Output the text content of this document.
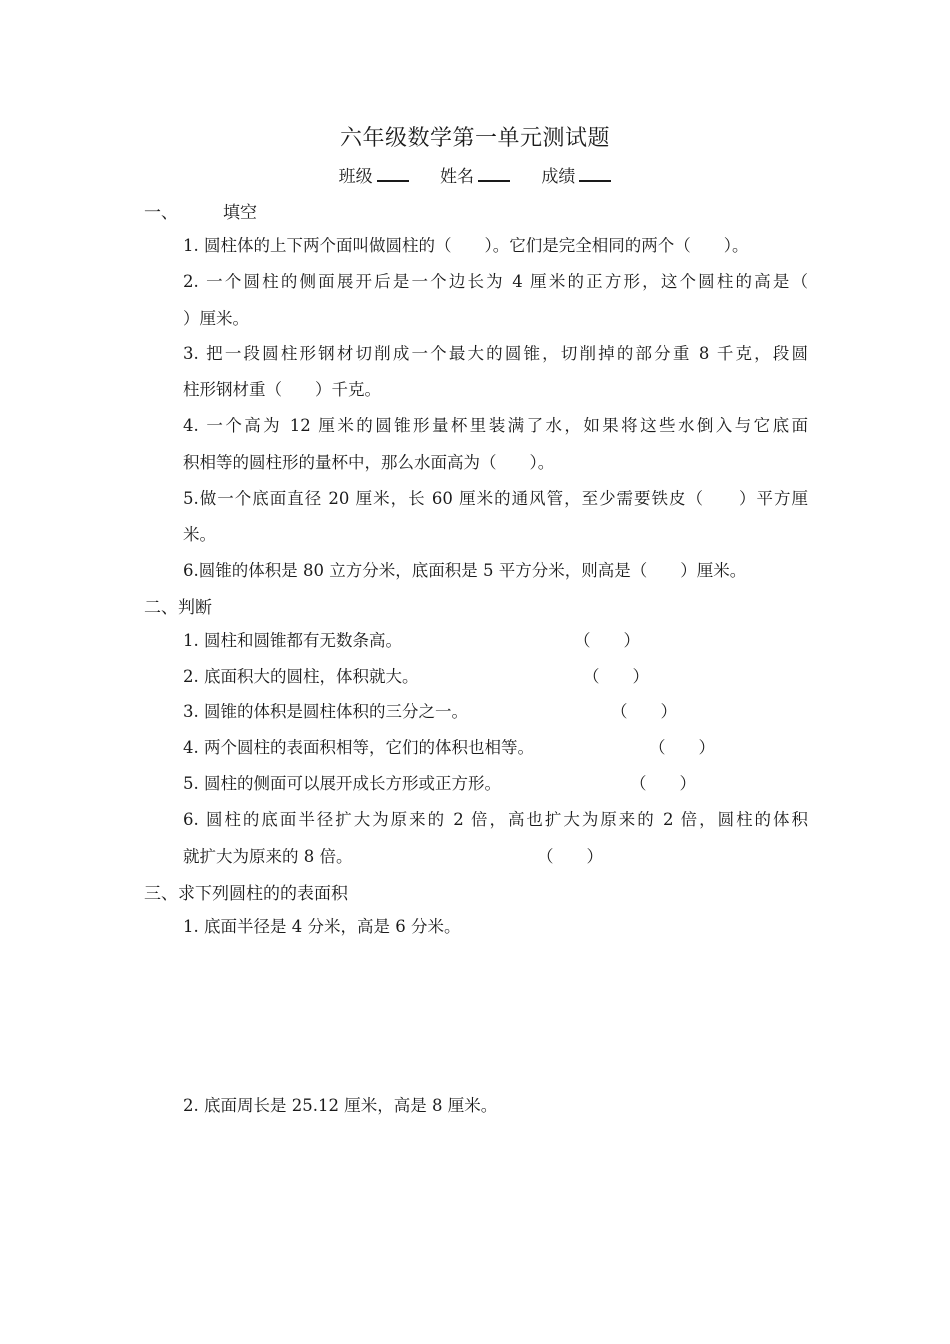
六年级数学第一单元测试题
班级	姓名	成绩
一、	填空
1. 圆柱体的上下两个面叫做圆柱的（　　）。它们是完全相同的两个（　　）。
2. 一个圆柱的侧面展开后是一个边长为 4 厘米的正方形，这个圆柱的高是（
）厘米。
3. 把一段圆柱形钢材切削成一个最大的圆锥，切削掉的部分重 8 千克，段圆
柱形钢材重（　　）千克。
4. 一个高为 12 厘米的圆锥形量杯里装满了水，如果将这些水倒入与它底面
积相等的圆柱形的量杯中，那么水面高为（　　）。
5.做一个底面直径 20 厘米，长 60 厘米的通风管，至少需要铁皮（　　）平方厘
米。
6.圆锥的体积是 80 立方分米，底面积是 5 平方分米，则高是（　　）厘米。
二、判断
1. 圆柱和圆锥都有无数条高。	（　　）
2. 底面积大的圆柱，体积就大。	（　　）
3. 圆锥的体积是圆柱体积的三分之一。	（　　）
4. 两个圆柱的表面积相等，它们的体积也相等。	（　　）
5. 圆柱的侧面可以展开成长方形或正方形。	（　　）
6. 圆柱的底面半径扩大为原来的 2 倍，高也扩大为原来的 2 倍，圆柱的体积
就扩大为原来的 8 倍。	（　　）
三、求下列圆柱的的表面积
1. 底面半径是 4 分米，高是 6 分米。
2. 底面周长是 25.12 厘米，高是 8 厘米。
